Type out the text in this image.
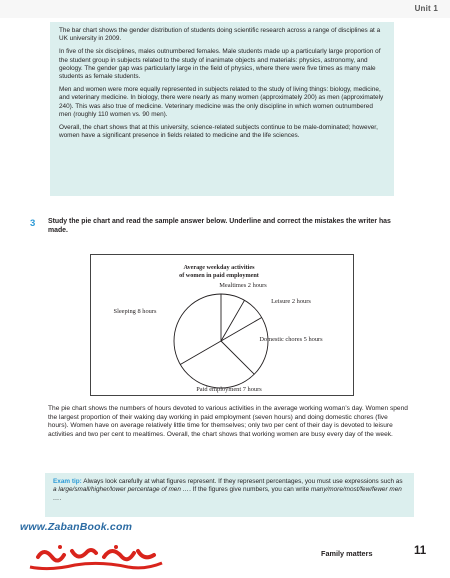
Unit 1

The bar chart shows the gender distribution of students doing scientific research across a range of disciplines at a UK university in 2009.

In five of the six disciplines, males outnumbered females. Male students made up a particularly large proportion of the student group in subjects related to the study of inanimate objects and materials: physics, astronomy, and geology. The gender gap was particularly large in the field of physics, where there were five times as many male students as female students.

Men and women were more equally represented in subjects related to the study of living things: biology, medicine, and veterinary medicine. In biology, there were nearly as many women (approximately 200) as men (approximately 240). This was also true of medicine. Veterinary medicine was the only discipline in which women outnumbered men (roughly 110 women vs. 90 men).

Overall, the chart shows that at this university, science-related subjects continue to be male-dominated; however, women have a significant presence in fields related to medicine and the life sciences.

3 Study the pie chart and read the sample answer below. Underline and correct the mistakes the writer has made.
Average weekday activities
of women in paid employment
Mealtimes 2 hours
Leisure 2 hours
Domestic chores 5 hours
Paid employment 7 hours
Sleeping 8 hours
The pie chart shows the numbers of hours devoted to various activities in the average working woman’s day. Women spend the largest proportion of their waking day working in paid employment (seven hours) and doing domestic chores (five hours). Women have on average relatively little time for themselves; only two per cent of their day is devoted to leisure activities and two per cent to mealtimes. Overall, the chart shows that working women are busy every day of the week.

Exam tip: Always look carefully at what figures represent. If they represent percentages, you must use expressions such as a large/small/higher/lower percentage of men …. If the figures give numbers, you can write many/more/most/few/fewer men ….

www.ZabanBook.com
Family matters	11
